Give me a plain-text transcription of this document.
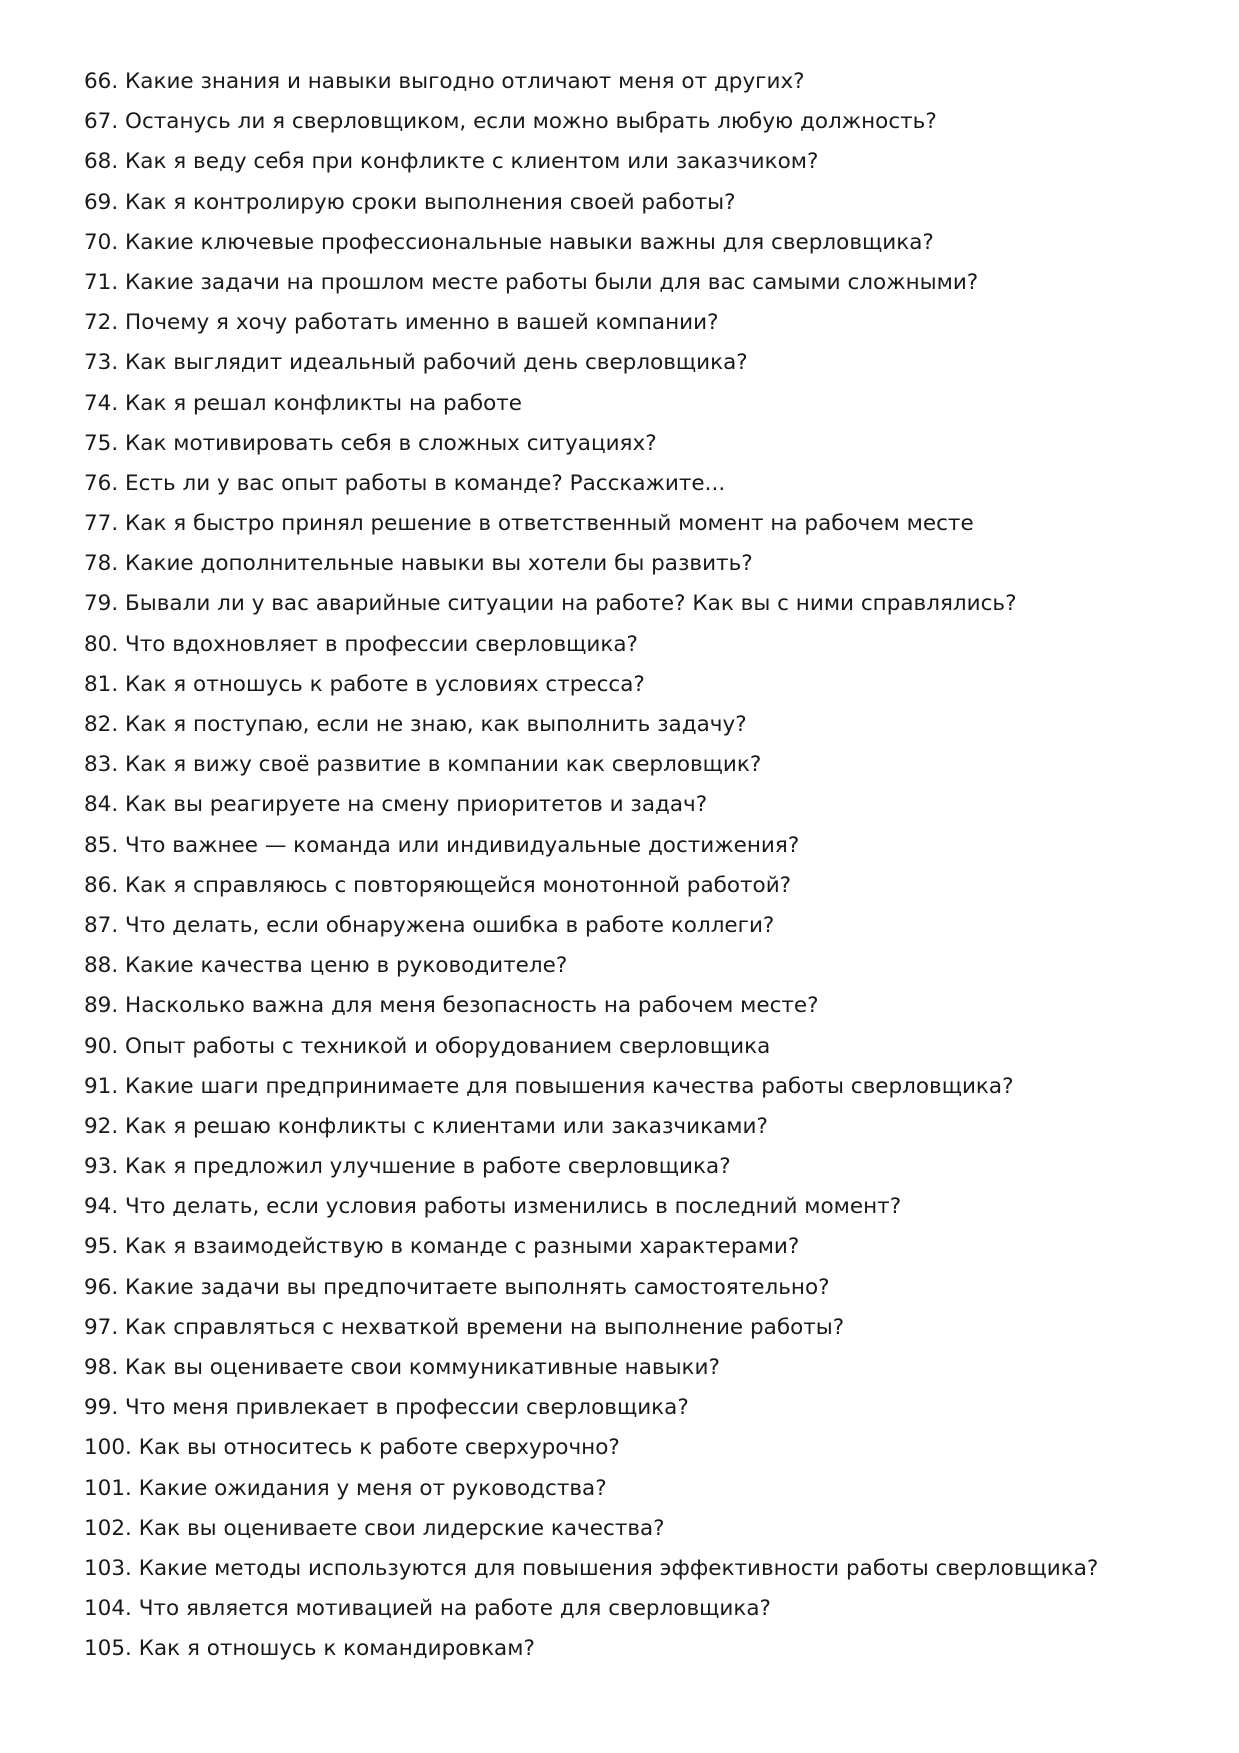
66. Какие знания и навыки выгодно отличают меня от других?
67. Останусь ли я сверловщиком, если можно выбрать любую должность?
68. Как я веду себя при конфликте с клиентом или заказчиком?
69. Как я контролирую сроки выполнения своей работы?
70. Какие ключевые профессиональные навыки важны для сверловщика?
71. Какие задачи на прошлом месте работы были для вас самыми сложными?
72. Почему я хочу работать именно в вашей компании?
73. Как выглядит идеальный рабочий день сверловщика?
74. Как я решал конфликты на работе
75. Как мотивировать себя в сложных ситуациях?
76. Есть ли у вас опыт работы в команде? Расскажите...
77. Как я быстро принял решение в ответственный момент на рабочем месте
78. Какие дополнительные навыки вы хотели бы развить?
79. Бывали ли у вас аварийные ситуации на работе? Как вы с ними справлялись?
80. Что вдохновляет в профессии сверловщика?
81. Как я отношусь к работе в условиях стресса?
82. Как я поступаю, если не знаю, как выполнить задачу?
83. Как я вижу своё развитие в компании как сверловщик?
84. Как вы реагируете на смену приоритетов и задач?
85. Что важнее — команда или индивидуальные достижения?
86. Как я справляюсь с повторяющейся монотонной работой?
87. Что делать, если обнаружена ошибка в работе коллеги?
88. Какие качества ценю в руководителе?
89. Насколько важна для меня безопасность на рабочем месте?
90. Опыт работы с техникой и оборудованием сверловщика
91. Какие шаги предпринимаете для повышения качества работы сверловщика?
92. Как я решаю конфликты с клиентами или заказчиками?
93. Как я предложил улучшение в работе сверловщика?
94. Что делать, если условия работы изменились в последний момент?
95. Как я взаимодействую в команде с разными характерами?
96. Какие задачи вы предпочитаете выполнять самостоятельно?
97. Как справляться с нехваткой времени на выполнение работы?
98. Как вы оцениваете свои коммуникативные навыки?
99. Что меня привлекает в профессии сверловщика?
100. Как вы относитесь к работе сверхурочно?
101. Какие ожидания у меня от руководства?
102. Как вы оцениваете свои лидерские качества?
103. Какие методы используются для повышения эффективности работы сверловщика?
104. Что является мотивацией на работе для сверловщика?
105. Как я отношусь к командировкам?
